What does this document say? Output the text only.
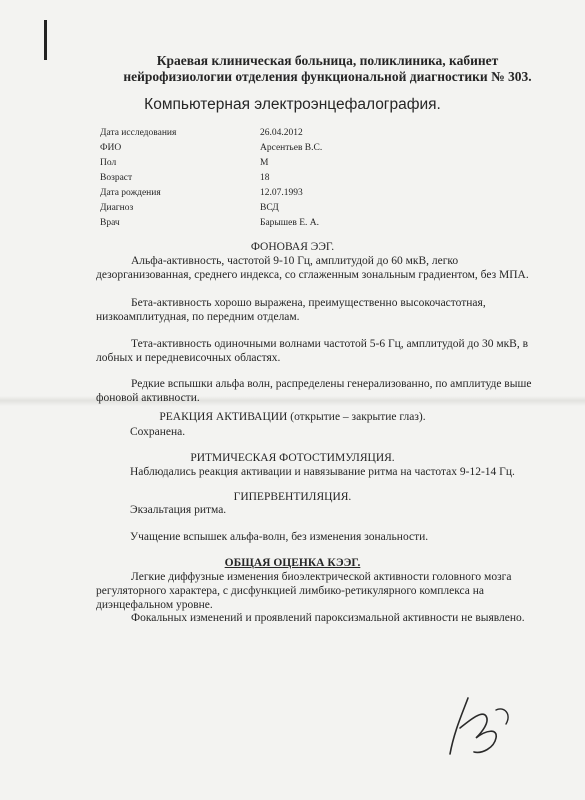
Краевая клиническая больница, поликлиника, кабинет
нейрофизиологии отделения функциональной диагностики № 303.

Компьютерная электроэнцефалография.

Дата исследования	26.04.2012
ФИО	Арсентьев В.С.
Пол	М
Возраст	18
Дата рождения	12.07.1993
Диагноз	ВСД
Врач	Барышев Е. А.

ФОНОВАЯ ЭЭГ.

Альфа-активность, частотой 9-10 Гц, амплитудой до 60 мкВ, легко дезорганизованная, среднего индекса, со сглаженным зональным градиентом, без МПА.

Бета-активность хорошо выражена, преимущественно высокочастотная, низкоамплитудная, по передним отделам.

Тета-активность одиночными волнами частотой 5-6 Гц, амплитудой до 30 мкВ, в лобных и передневисочных областях.

Редкие вспышки альфа волн, распределены генерализованно, по амплитуде выше фоновой активности.

РЕАКЦИЯ АКТИВАЦИИ (открытие – закрытие глаз).

Сохранена.

РИТМИЧЕСКАЯ ФОТОСТИМУЛЯЦИЯ.

Наблюдались реакция активации и навязывание ритма на частотах 9-12-14 Гц.

ГИПЕРВЕНТИЛЯЦИЯ.

Экзальтация ритма.

Учащение вспышек альфа-волн, без изменения зональности.

ОБЩАЯ ОЦЕНКА КЭЭГ.

Легкие диффузные изменения биоэлектрической активности головного мозга регуляторного характера, с дисфункцией лимбико-ретикулярного комплекса на диэнцефальном уровне.

Фокальных изменений и проявлений пароксизмальной активности не выявлено.
